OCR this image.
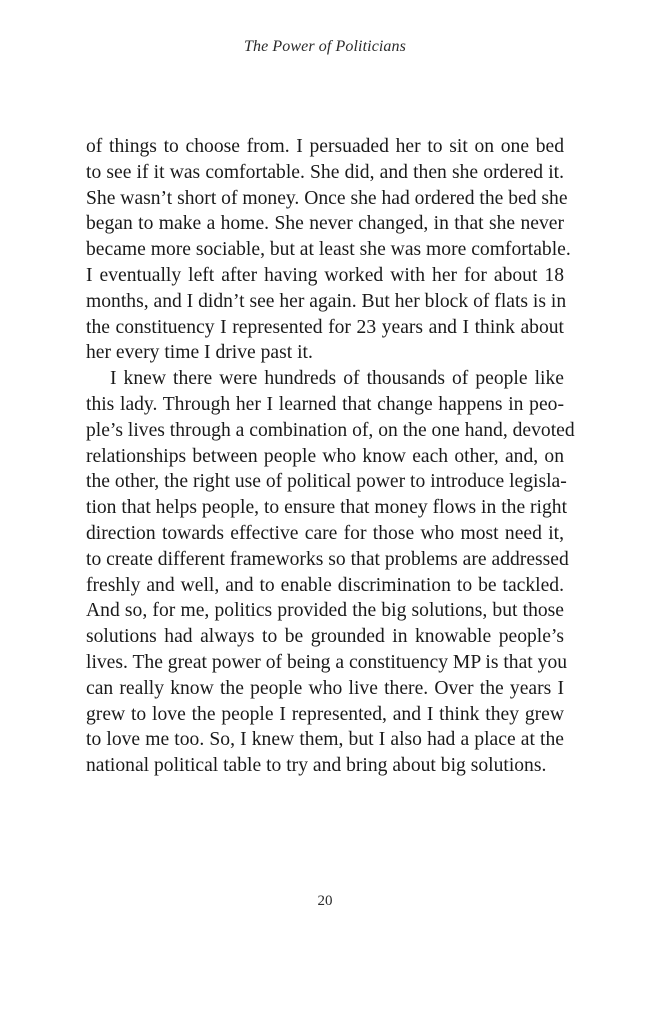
The Power of Politicians
of things to choose from. I persuaded her to sit on one bed
to see if it was comfortable. She did, and then she ordered it.
She wasn’t short of money. Once she had ordered the bed she
began to make a home. She never changed, in that she never
became more sociable, but at least she was more comfortable.
I eventually left after having worked with her for about 18
months, and I didn’t see her again. But her block of flats is in
the constituency I represented for 23 years and I think about
her every time I drive past it.
I knew there were hundreds of thousands of people like
this lady. Through her I learned that change happens in peo-
ple’s lives through a combination of, on the one hand, devoted
relationships between people who know each other, and, on
the other, the right use of political power to introduce legisla-
tion that helps people, to ensure that money flows in the right
direction towards effective care for those who most need it,
to create different frameworks so that problems are addressed
freshly and well, and to enable discrimination to be tackled.
And so, for me, politics provided the big solutions, but those
solutions had always to be grounded in knowable people’s
lives. The great power of being a constituency MP is that you
can really know the people who live there. Over the years I
grew to love the people I represented, and I think they grew
to love me too. So, I knew them, but I also had a place at the
national political table to try and bring about big solutions.
20
